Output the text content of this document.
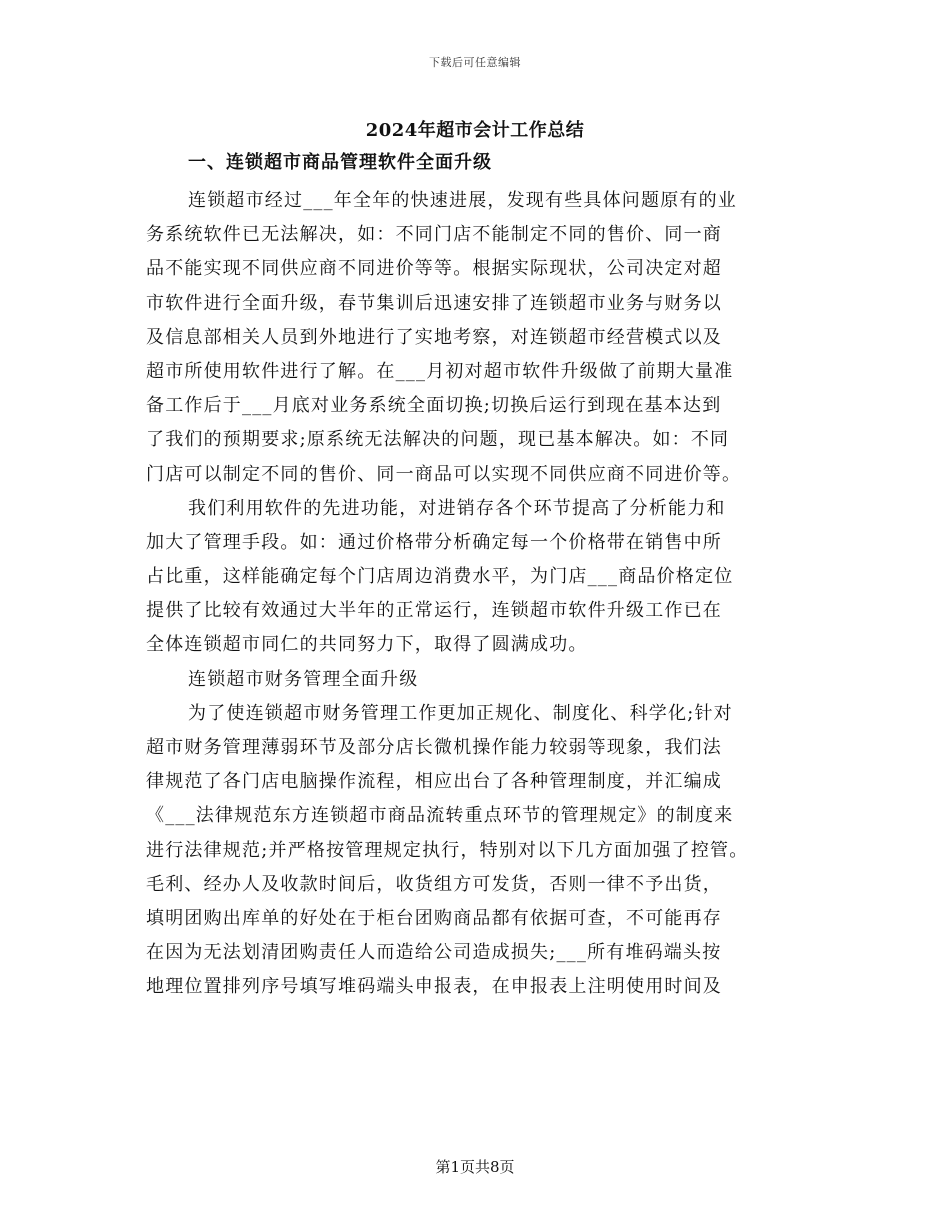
下载后可任意编辑
2024年超市会计工作总结
一、连锁超市商品管理软件全面升级
连锁超市经过___年全年的快速进展，发现有些具体问题原有的业
务系统软件已无法解决，如：不同门店不能制定不同的售价、同一商
品不能实现不同供应商不同进价等等。根据实际现状，公司决定对超
市软件进行全面升级，春节集训后迅速安排了连锁超市业务与财务以
及信息部相关人员到外地进行了实地考察，对连锁超市经营模式以及
超市所使用软件进行了解。在___月初对超市软件升级做了前期大量准
备工作后于___月底对业务系统全面切换;切换后运行到现在基本达到
了我们的预期要求;原系统无法解决的问题，现已基本解决。如：不同
门店可以制定不同的售价、同一商品可以实现不同供应商不同进价等。
我们利用软件的先进功能，对进销存各个环节提高了分析能力和
加大了管理手段。如：通过价格带分析确定每一个价格带在销售中所
占比重，这样能确定每个门店周边消费水平，为门店___商品价格定位
提供了比较有效通过大半年的正常运行，连锁超市软件升级工作已在
全体连锁超市同仁的共同努力下，取得了圆满成功。
连锁超市财务管理全面升级
为了使连锁超市财务管理工作更加正规化、制度化、科学化;针对
超市财务管理薄弱环节及部分店长微机操作能力较弱等现象，我们法
律规范了各门店电脑操作流程，相应出台了各种管理制度，并汇编成
《___法律规范东方连锁超市商品流转重点环节的管理规定》的制度来
进行法律规范;并严格按管理规定执行，特别对以下几方面加强了控管。
毛利、经办人及收款时间后，收货组方可发货，否则一律不予出货，
填明团购出库单的好处在于柜台团购商品都有依据可查，不可能再存
在因为无法划清团购责任人而造给公司造成损失;___所有堆码端头按
地理位置排列序号填写堆码端头申报表，在申报表上注明使用时间及
第1页共8页
